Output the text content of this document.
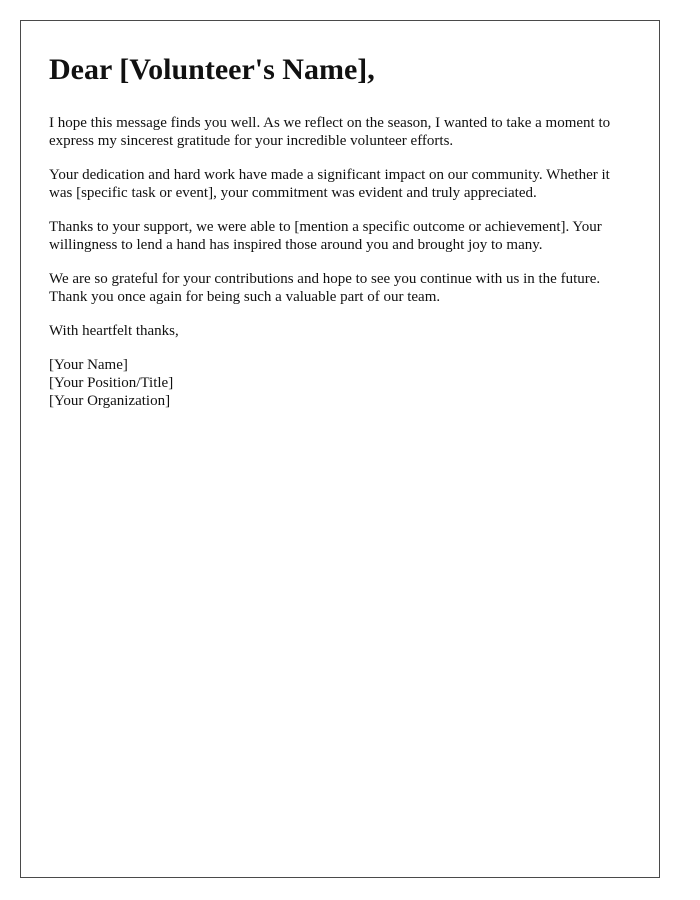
Dear [Volunteer's Name],

I hope this message finds you well. As we reflect on the season, I wanted to take a moment to express my sincerest gratitude for your incredible volunteer efforts.

Your dedication and hard work have made a significant impact on our community. Whether it was [specific task or event], your commitment was evident and truly appreciated.

Thanks to your support, we were able to [mention a specific outcome or achievement]. Your willingness to lend a hand has inspired those around you and brought joy to many.

We are so grateful for your contributions and hope to see you continue with us in the future. Thank you once again for being such a valuable part of our team.

With heartfelt thanks,

[Your Name]
[Your Position/Title]
[Your Organization]
